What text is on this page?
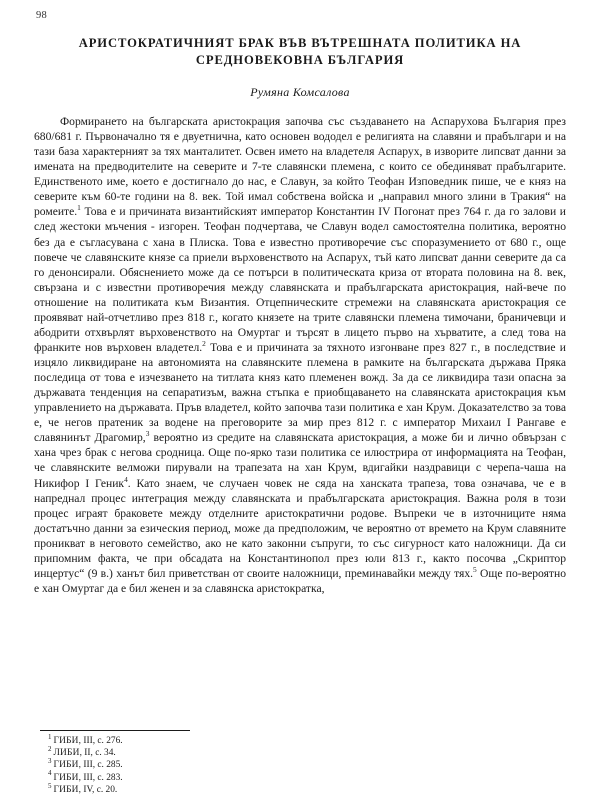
98
АРИСТОКРАТИЧНИЯТ БРАК ВЪВ ВЪТРЕШНАТА ПОЛИТИКА НА СРЕДНОВЕКОВНА БЪЛГАРИЯ
Румяна Комсалова

Формирането на българската аристокрация започва със създаването на Аспарухова България през 680/681 г. Първоначално тя е двуетнична, като основен вододел е религията на славяни и прабългари и на тази база характерният за тях манталитет. Освен името на владетеля Аспарух, в изворите липсват данни за имената на предводителите на северите и 7-те славянски племена, с които се обединяват прабългарите. Единственото име, което е достигнало до нас, е Славун, за който Теофан Изповедник пише, че е княз на северите към 60-те години на 8. век. Той имал собствена войска и „направил много злини в Тракия“ на ромеите.$^1$ Това е и причината византийският император Константин IV Погонат през 764 г. да го залови и след жестоки мъчения - изгорен. Теофан подчертава, че Славун водел самостоятелна политика, вероятно без да е съгласувана с хана в Плиска. Това е известно противоречие със споразумението от 680 г., още повече че славянските князе са приели върховенството на Аспарух, тъй като липсват данни северите да са го денонсирали. Обяснението може да се потърси в политическата криза от втората половина на 8. век, свързана и с известни противоречия между славянската и прабългарската аристокрация, най-вече по отношение на политиката към Византия. Отцепническите стремежи на славянската аристокрация се проявяват най-отчетливо през 818 г., когато князете на трите славянски племена тимочани, браничевци и абодрити отхвърлят върховенството на Омуртаг и търсят в лицето първо на хърватите, а след това на франките нов върховен владетел.$^2$ Това е и причината за тяхното изгонване през 827 г., в последствие и изцяло ликвидиране на автономията на славянските племена в рамките на българската държава Пряка последица от това е изчезването на титлата княз като племенен вожд. За да се ликвидира тази опасна за държавата тенденция на сепаратизъм, важна стъпка е приобщаването на славянската аристокрация към управлението на държавата. Пръв владетел, който започва тази политика е хан Крум. Доказателство за това е, че негов пратеник за водене на преговорите за мир през 812 г. с император Михаил I Рангаве е славянинът Драгомир,$^3$ вероятно из средите на славянската аристокрация, а може би и лично обвързан с хана чрез брак с негова сродница. Още по-ярко тази политика се илюстрира от информацията на Теофан, че славянските велможи пирували на трапезата на хан Крум, вдигайки наздравици с черепа-чаша на Никифор I Геник$^4$. Като знаем, че случаен човек не сяда на ханската трапеза, това означава, че е в напреднал процес интеграция между славянската и прабългарската аристокрация. Важна роля в този процес играят браковете между отделните аристократични родове. Въпреки че в източниците няма достатъчно данни за езическия период, може да предположим, че вероятно от времето на Крум славяните проникват в неговото семейство, ако не като законни съпруги, то със сигурност като наложници. Да си припомним факта, че при обсадата на Константинопол през юли 813 г., както посочва „Скриптор инцертус“ (9 в.) ханът бил приветстван от своите наложници, преминавайки между тях.$^5$ Още по-вероятно е хан Омуртаг да е бил женен и за славянска аристократка,

$^1$ ГИБИ, III, с. 276.
$^2$ ЛИБИ, II, с. 34.
$^3$ ГИБИ, III, с. 285.
$^4$ ГИБИ, III, с. 283.
$^5$ ГИБИ, IV, с. 20.
